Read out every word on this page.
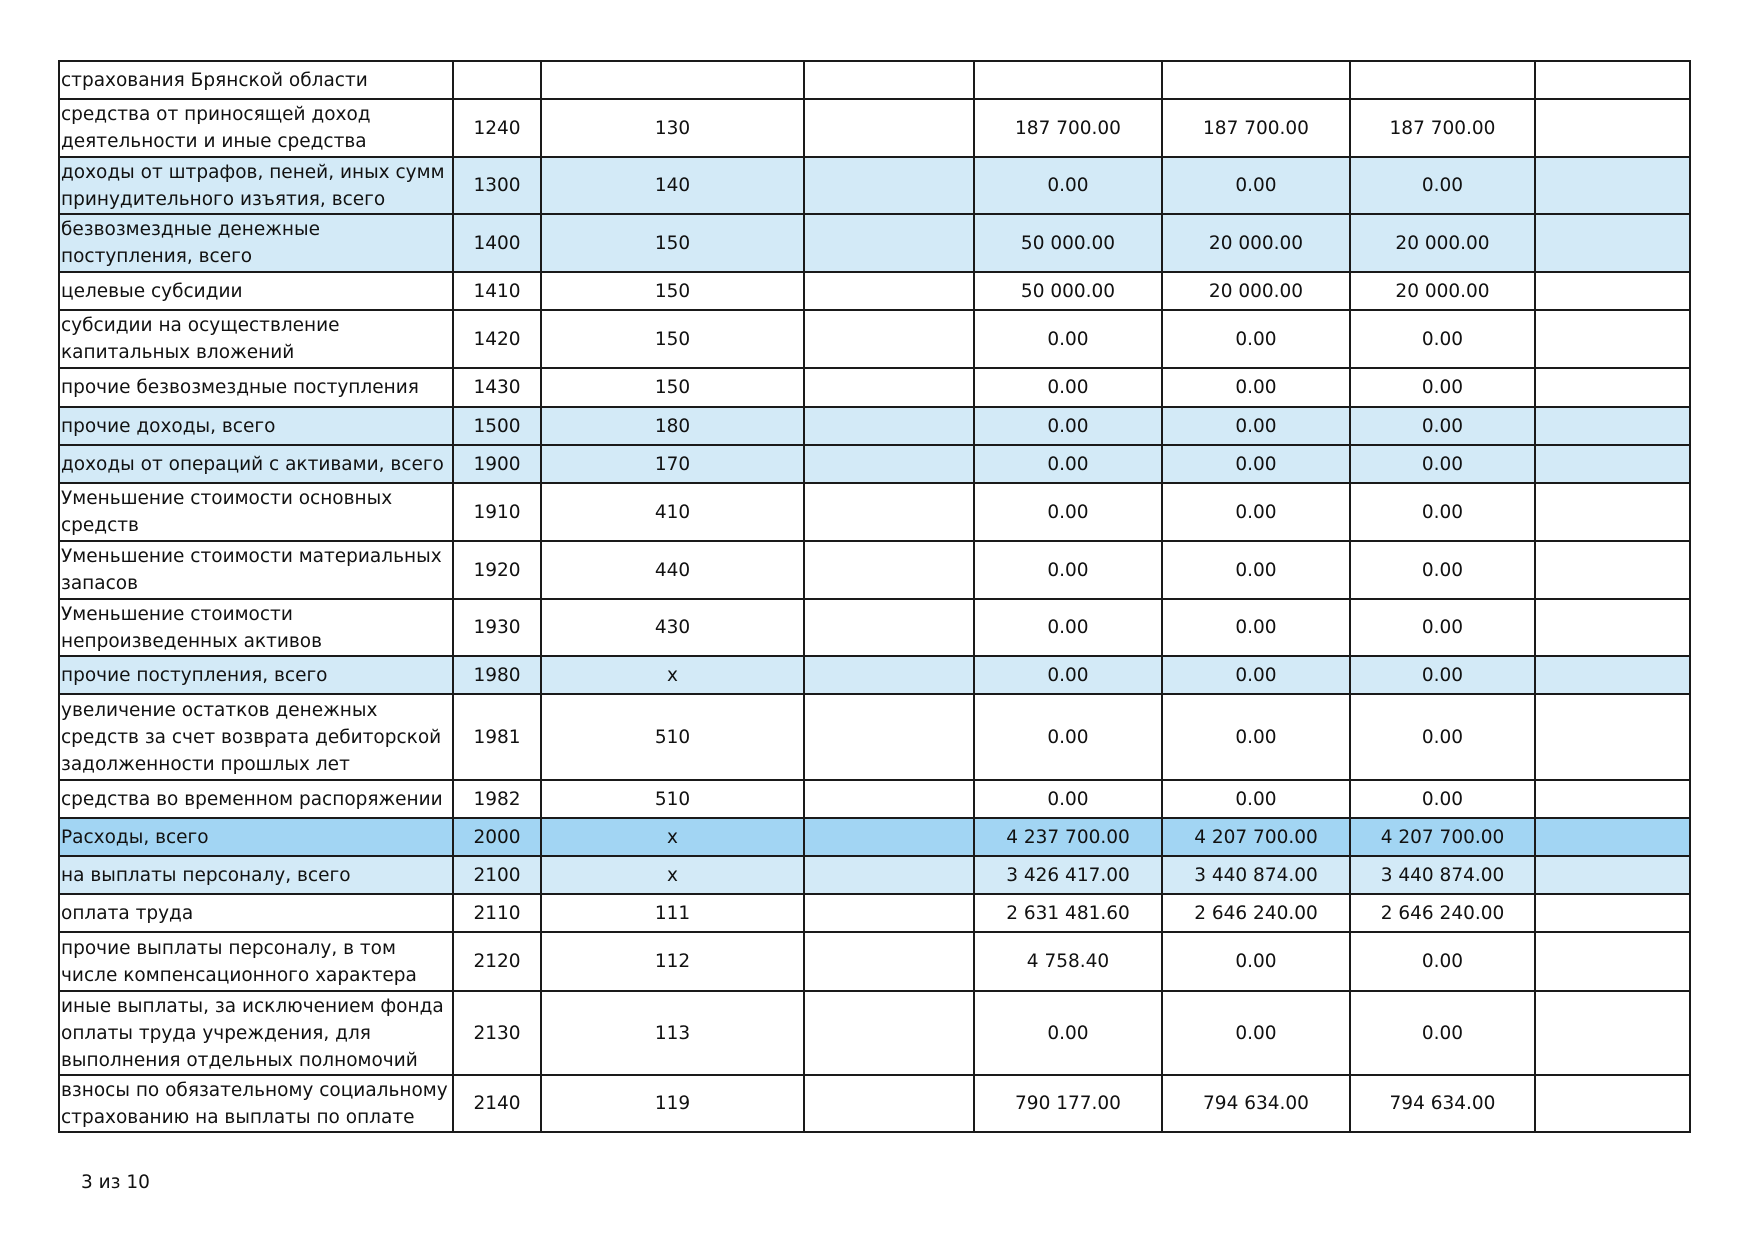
страхования Брянской области							
средства от приносящей доход деятельности и иные средства	1240	130		187 700.00	187 700.00	187 700.00	
доходы от штрафов, пеней, иных сумм принудительного изъятия, всего	1300	140		0.00	0.00	0.00	
безвозмездные денежные поступления, всего	1400	150		50 000.00	20 000.00	20 000.00	
целевые субсидии	1410	150		50 000.00	20 000.00	20 000.00	
субсидии на осуществление капитальных вложений	1420	150		0.00	0.00	0.00	
прочие безвозмездные поступления	1430	150		0.00	0.00	0.00	
прочие доходы, всего	1500	180		0.00	0.00	0.00	
доходы от операций с активами, всего	1900	170		0.00	0.00	0.00	
Уменьшение стоимости основных средств	1910	410		0.00	0.00	0.00	
Уменьшение стоимости материальных запасов	1920	440		0.00	0.00	0.00	
Уменьшение стоимости непроизведенных активов	1930	430		0.00	0.00	0.00	
прочие поступления, всего	1980	x		0.00	0.00	0.00	
увеличение остатков денежных средств за счет возврата дебиторской задолженности прошлых лет	1981	510		0.00	0.00	0.00	
средства во временном распоряжении	1982	510		0.00	0.00	0.00	
Расходы, всего	2000	x		4 237 700.00	4 207 700.00	4 207 700.00	
на выплаты персоналу, всего	2100	x		3 426 417.00	3 440 874.00	3 440 874.00	
оплата труда	2110	111		2 631 481.60	2 646 240.00	2 646 240.00	
прочие выплаты персоналу, в том числе компенсационного характера	2120	112		4 758.40	0.00	0.00	
иные выплаты, за исключением фонда оплаты труда учреждения, для выполнения отдельных полномочий	2130	113		0.00	0.00	0.00	
взносы по обязательному социальному страхованию на выплаты по оплате	2140	119		790 177.00	794 634.00	794 634.00	
3 из 10
